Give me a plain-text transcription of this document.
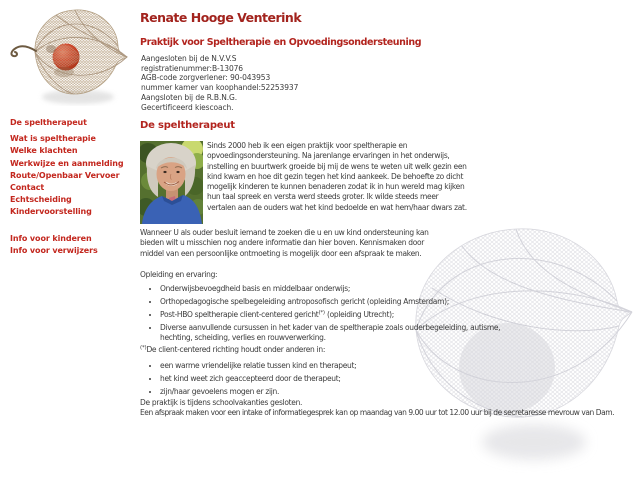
De speltherapeut
Wat is speltherapie
Welke klachten
Werkwijze en aanmelding
Route/Openbaar Vervoer
Contact
Echtscheiding
Kindervoorstelling
Info voor kinderen
Info voor verwijzers
Renate Hooge Venterink
Praktijk voor Speltherapie en Opvoedingsondersteuning
Aangesloten bij de N.V.V.S
registratienummer:B-13076
AGB-code zorgverlener: 90-043953
nummer kamer van koophandel:52253937
Aangsloten bij de R.B.N.G.
Gecertificeerd kiescoach.
De speltherapeut

Sinds 2000 heb ik een eigen praktijk voor speltherapie en opvoedingsondersteuning. Na jarenlange ervaringen in het onderwijs, instelling en buurtwerk groeide bij mij de wens te weten uit welk gezin een kind kwam en hoe dit gezin tegen het kind aankeek. De behoefte zo dicht mogelijk kinderen te kunnen benaderen zodat ik in hun wereld mag kijken hun taal spreek en versta werd steeds groter. Ik wilde steeds meer vertalen aan de ouders wat het kind bedoelde en wat hem/haar dwars zat.

Wanneer U als ouder besluit iemand te zoeken die u en uw kind ondersteuning kan bieden wilt u misschien nog andere informatie dan hier boven. Kennismaken door middel van een persoonlijke ontmoeting is mogelijk door een afspraak te maken.

Opleiding en ervaring:
• Onderwijsbevoegdheid basis en middelbaar onderwijs;
• Orthopedagogische spelbegeleiding antroposofisch gericht (opleiding Amsterdam);
• Post-HBO speltherapie client-centered gericht(*) (opleiding Utrecht);
• Diverse aanvullende cursussen in het kader van de speltherapie zoals ouderbegeleiding, autisme, hechting, scheiding, verlies en rouwverwerking.
(*)De client-centered richting houdt onder anderen in:
• een warme vriendelijke relatie tussen kind en therapeut;
• het kind weet zich geaccepteerd door de therapeut;
• zijn/haar gevoelens mogen er zijn.

De praktijk is tijdens schoolvakanties gesloten.

Een afspraak maken voor een intake of informatiegesprek kan op maandag van 9.00 uur tot 12.00 uur bij de secretaresse mevrouw van Dam.
